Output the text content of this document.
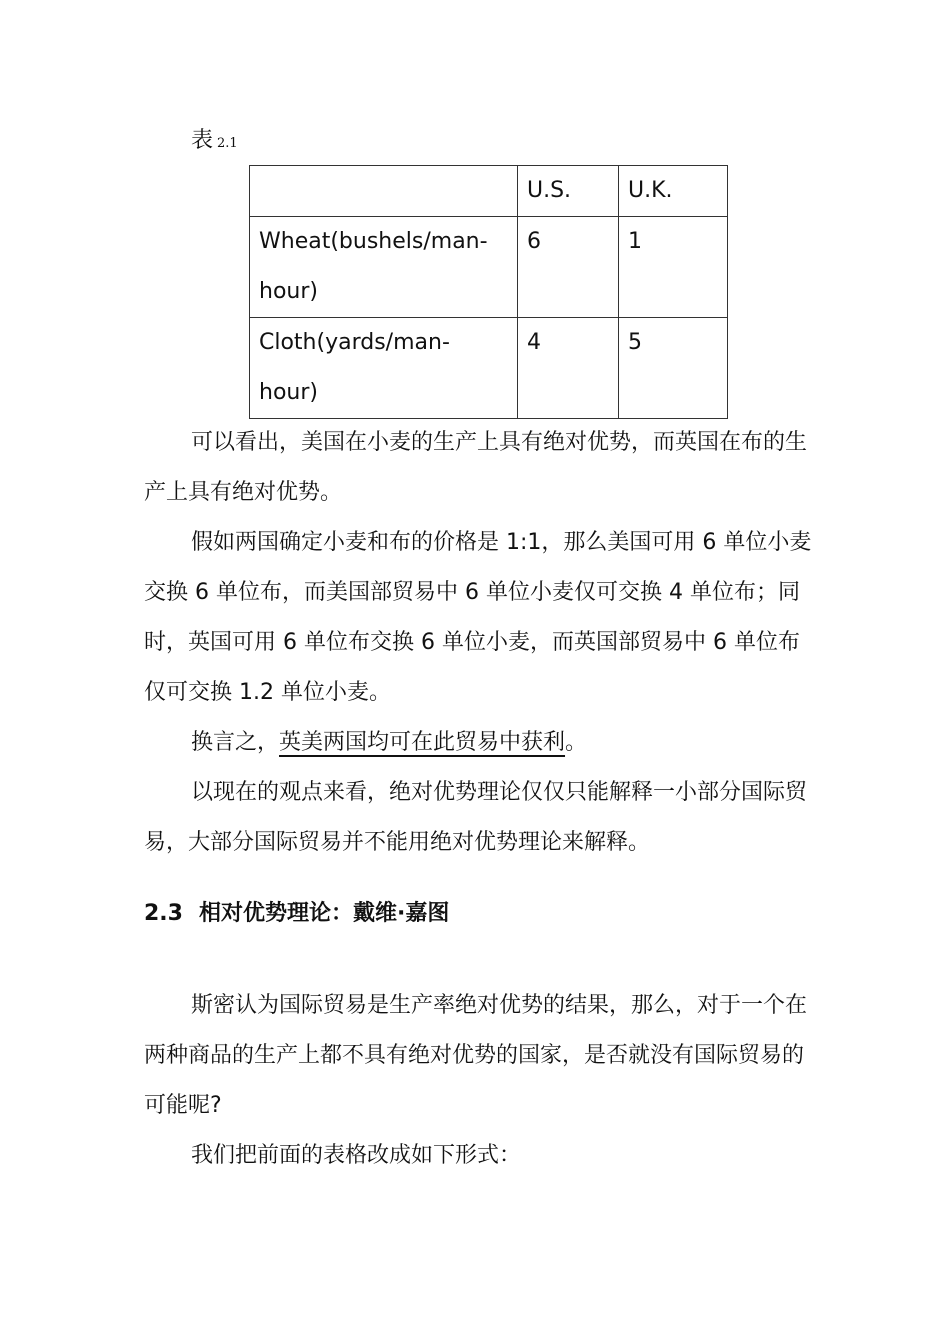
表 2.1

	U.S.	U.K.

Wheat(bushels/man-hour)	6	1

Cloth(yards/man-hour)	4	5

可以看出，美国在小麦的生产上具有绝对优势，而英国在布的生产上具有绝对优势。

假如两国确定小麦和布的价格是 1:1，那么美国可用 6 单位小麦交换 6 单位布，而美国部贸易中 6 单位小麦仅可交换 4 单位布；同时，英国可用 6 单位布交换 6 单位小麦，而英国部贸易中 6 单位布仅可交换 1.2 单位小麦。

换言之，英美两国均可在此贸易中获利。

以现在的观点来看，绝对优势理论仅仅只能解释一小部分国际贸易，大部分国际贸易并不能用绝对优势理论来解释。

2.3 相对优势理论：戴维·嘉图

斯密认为国际贸易是生产率绝对优势的结果，那么，对于一个在两种商品的生产上都不具有绝对优势的国家，是否就没有国际贸易的可能呢?

我们把前面的表格改成如下形式：
